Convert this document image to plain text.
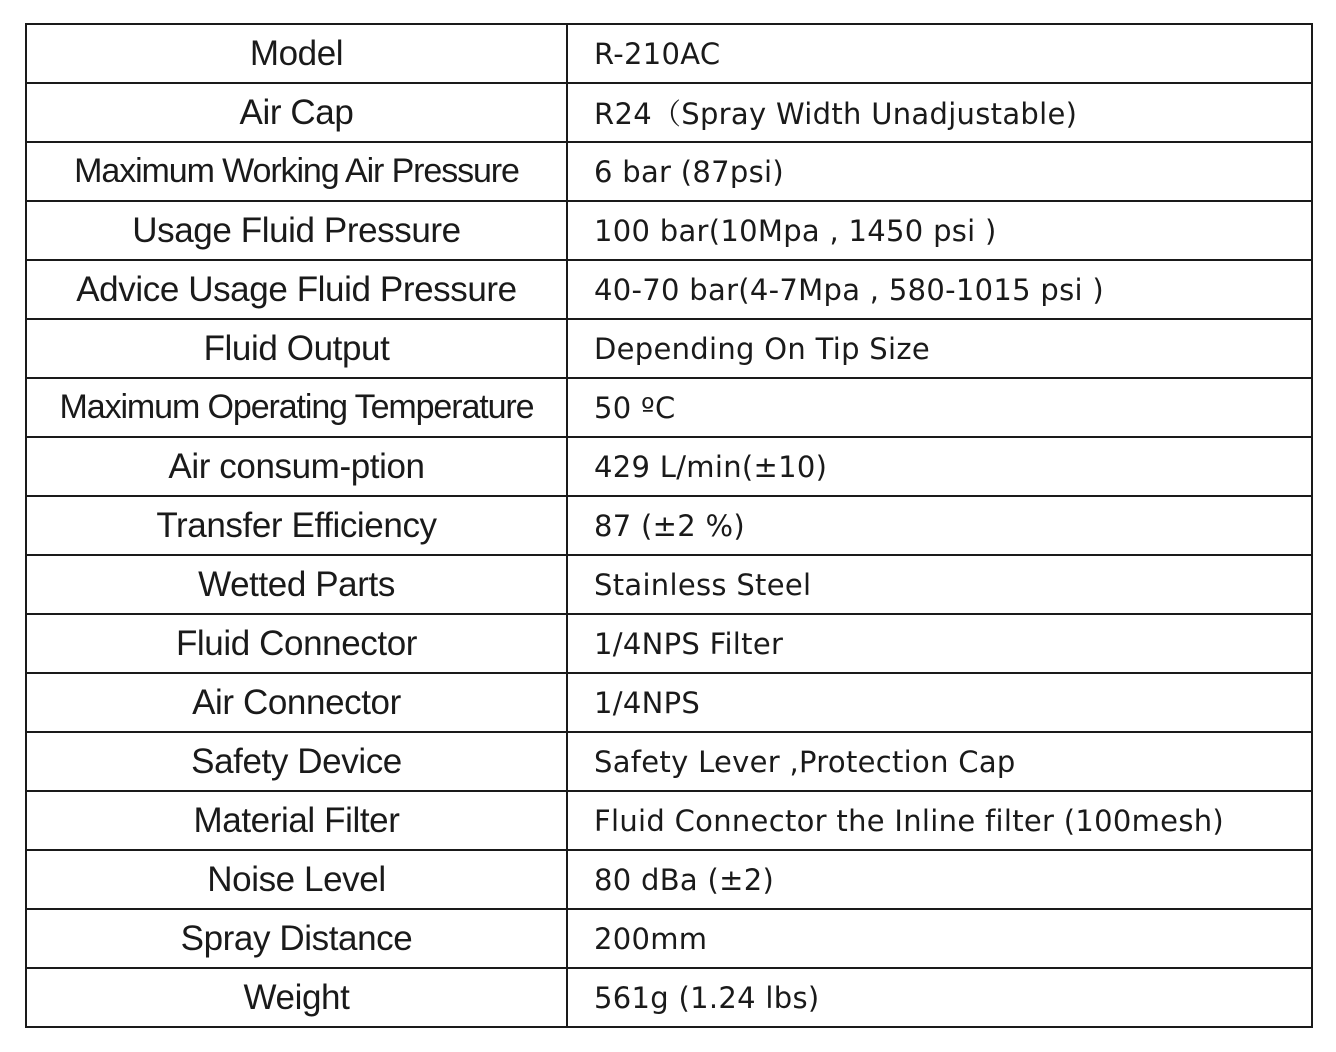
Model	R-210AC
Air Cap	R24（Spray Width Unadjustable)
Maximum Working Air Pressure	6 bar (87psi)
Usage Fluid Pressure	100 bar(10Mpa , 1450 psi )
Advice Usage Fluid Pressure	40-70 bar(4-7Mpa , 580-1015 psi )
Fluid Output	Depending On Tip Size
Maximum Operating Temperature	50 ºC
Air consum-ption	429 L/min(±10)
Transfer Efficiency	87 (±2 %)
Wetted Parts	Stainless Steel
Fluid Connector	1/4NPS Filter
Air Connector	1/4NPS
Safety Device	Safety Lever ,Protection Cap
Material Filter	Fluid Connector the Inline filter (100mesh)
Noise Level	80 dBa (±2)
Spray Distance	200mm
Weight	561g (1.24 lbs)
